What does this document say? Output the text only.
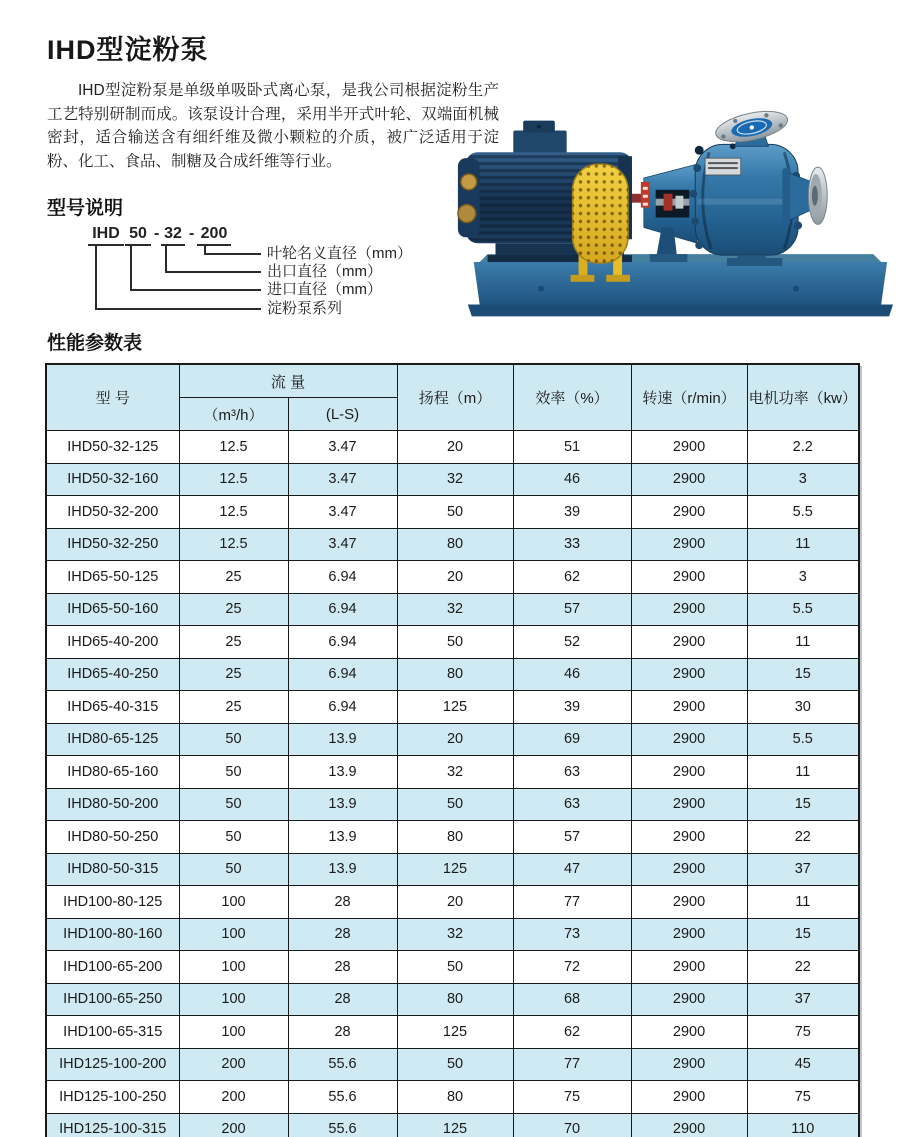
IHD型淀粉泵

IHD型淀粉泵是单级单吸卧式离心泵，是我公司根据淀粉生产工艺特别研制而成。该泵设计合理，采用半开式叶轮、双端面机械密封，适合输送含有细纤维及微小颗粒的介质，被广泛适用于淀粉、化工、食品、制糖及合成纤维等行业。

型号说明
IHD 50 - 32 - 200
叶轮名义直径（mm）
出口直径（mm）
进口直径（mm）
淀粉泵系列
性能参数表
型 号	流 量		扬程（m）	效率（%）	转速（r/min）	电机功率（kw）
	（m³/h）	(L-S)				
IHD50-32-125	12.5	3.47	20	51	2900	2.2
IHD50-32-160	12.5	3.47	32	46	2900	3
IHD50-32-200	12.5	3.47	50	39	2900	5.5
IHD50-32-250	12.5	3.47	80	33	2900	11
IHD65-50-125	25	6.94	20	62	2900	3
IHD65-50-160	25	6.94	32	57	2900	5.5
IHD65-40-200	25	6.94	50	52	2900	11
IHD65-40-250	25	6.94	80	46	2900	15
IHD65-40-315	25	6.94	125	39	2900	30
IHD80-65-125	50	13.9	20	69	2900	5.5
IHD80-65-160	50	13.9	32	63	2900	11
IHD80-50-200	50	13.9	50	63	2900	15
IHD80-50-250	50	13.9	80	57	2900	22
IHD80-50-315	50	13.9	125	47	2900	37
IHD100-80-125	100	28	20	77	2900	11
IHD100-80-160	100	28	32	73	2900	15
IHD100-65-200	100	28	50	72	2900	22
IHD100-65-250	100	28	80	68	2900	37
IHD100-65-315	100	28	125	62	2900	75
IHD125-100-200	200	55.6	50	77	2900	45
IHD125-100-250	200	55.6	80	75	2900	75
IHD125-100-315	200	55.6	125	70	2900	110
